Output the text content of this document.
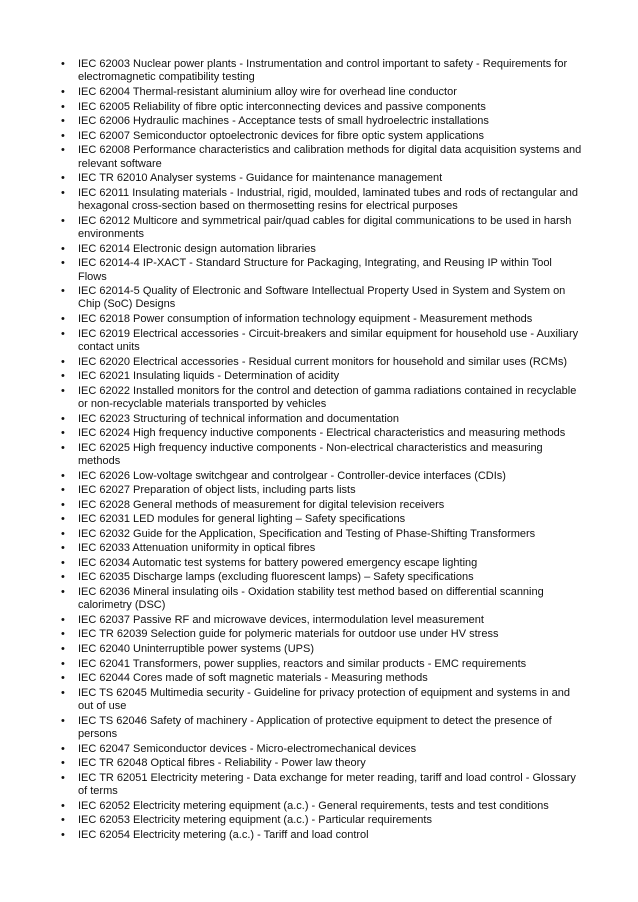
•	IEC 62003 Nuclear power plants - Instrumentation and control important to safety - Requirements for electromagnetic compatibility testing
•	IEC 62004 Thermal-resistant aluminium alloy wire for overhead line conductor
•	IEC 62005 Reliability of fibre optic interconnecting devices and passive components
•	IEC 62006 Hydraulic machines - Acceptance tests of small hydroelectric installations
•	IEC 62007 Semiconductor optoelectronic devices for fibre optic system applications
•	IEC 62008 Performance characteristics and calibration methods for digital data acquisition systems and relevant software
•	IEC TR 62010 Analyser systems - Guidance for maintenance management
•	IEC 62011 Insulating materials - Industrial, rigid, moulded, laminated tubes and rods of rectangular and hexagonal cross-section based on thermosetting resins for electrical purposes
•	IEC 62012 Multicore and symmetrical pair/quad cables for digital communications to be used in harsh environments
•	IEC 62014 Electronic design automation libraries
•	IEC 62014-4 IP-XACT - Standard Structure for Packaging, Integrating, and Reusing IP within Tool Flows
•	IEC 62014-5 Quality of Electronic and Software Intellectual Property Used in System and System on Chip (SoC) Designs
•	IEC 62018 Power consumption of information technology equipment - Measurement methods
•	IEC 62019 Electrical accessories - Circuit-breakers and similar equipment for household use - Auxiliary contact units
•	IEC 62020 Electrical accessories - Residual current monitors for household and similar uses (RCMs)
•	IEC 62021 Insulating liquids - Determination of acidity
•	IEC 62022 Installed monitors for the control and detection of gamma radiations contained in recyclable or non-recyclable materials transported by vehicles
•	IEC 62023 Structuring of technical information and documentation
•	IEC 62024 High frequency inductive components - Electrical characteristics and measuring methods
•	IEC 62025 High frequency inductive components - Non-electrical characteristics and measuring methods
•	IEC 62026 Low-voltage switchgear and controlgear - Controller-device interfaces (CDIs)
•	IEC 62027 Preparation of object lists, including parts lists
•	IEC 62028 General methods of measurement for digital television receivers
•	IEC 62031 LED modules for general lighting – Safety specifications
•	IEC 62032 Guide for the Application, Specification and Testing of Phase-Shifting Transformers
•	IEC 62033 Attenuation uniformity in optical fibres
•	IEC 62034 Automatic test systems for battery powered emergency escape lighting
•	IEC 62035 Discharge lamps (excluding fluorescent lamps) – Safety specifications
•	IEC 62036 Mineral insulating oils - Oxidation stability test method based on differential scanning calorimetry (DSC)
•	IEC 62037 Passive RF and microwave devices, intermodulation level measurement
•	IEC TR 62039 Selection guide for polymeric materials for outdoor use under HV stress
•	IEC 62040 Uninterruptible power systems (UPS)
•	IEC 62041 Transformers, power supplies, reactors and similar products - EMC requirements
•	IEC 62044 Cores made of soft magnetic materials - Measuring methods
•	IEC TS 62045 Multimedia security - Guideline for privacy protection of equipment and systems in and out of use
•	IEC TS 62046 Safety of machinery - Application of protective equipment to detect the presence of persons
•	IEC 62047 Semiconductor devices - Micro-electromechanical devices
•	IEC TR 62048 Optical fibres - Reliability - Power law theory
•	IEC TR 62051 Electricity metering - Data exchange for meter reading, tariff and load control - Glossary of terms
•	IEC 62052 Electricity metering equipment (a.c.) - General requirements, tests and test conditions
•	IEC 62053 Electricity metering equipment (a.c.) - Particular requirements
•	IEC 62054 Electricity metering (a.c.) - Tariff and load control
